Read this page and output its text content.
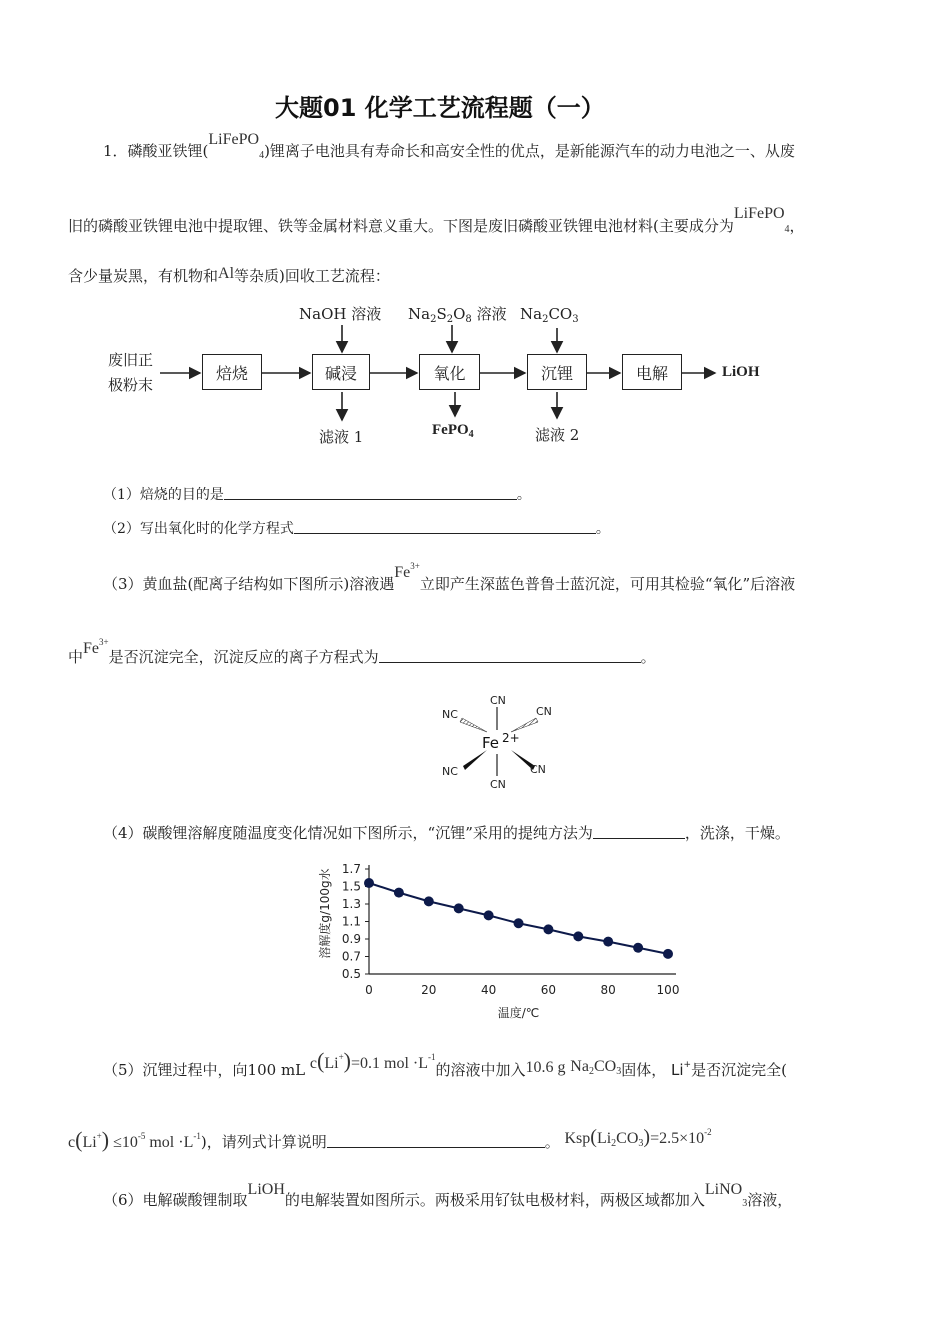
大题01 化学工艺流程题（一）
1．磷酸亚铁锂(LiFePO$_4$)锂离子电池具有寿命长和高安全性的优点，是新能源汽车的动力电池之一、从废
旧的磷酸亚铁锂电池中提取锂、铁等金属材料意义重大。下图是废旧磷酸亚铁锂电池材料(主要成分为LiFePO$_4$，
含少量炭黑，有机物和Al等杂质)回收工艺流程：
废旧正
极粉末
焙烧	碱浸	氧化	沉锂	电解	LiOH
NaOH 溶液 $Na_2S_2O_8$ 溶液 $Na_2CO_3$
滤液 1	FePO$_4$	滤液 2
（1）焙烧的目的是	。
（2）写出氧化时的化学方程式	。
（3）黄血盐(配离子结构如下图所示)溶液遇$Fe^{3+}$立即产生深蓝色普鲁士蓝沉淀，可用其检验“氧化”后溶液
中$Fe^{3+}$是否沉淀完全，沉淀反应的离子方程式为	。
CN
CN
NC	CN
NC	CN
Fe 2+
（4）碳酸锂溶解度随温度变化情况如下图所示，“沉锂”采用的提纯方法为	，洗涤，干燥。
0.5
0.7
0.9
1.1
1.3
1.5
1.7
0	20	40	60	80	100
温度/℃
溶解度g/100g水
（5）沉锂过程中，向100 mL c(Li+)=0.1 mol $\cdot L^{-1}$的溶液中加入10.6 g $Na_2CO_3$固体， Li+是否沉淀完全(
$c(Li^+) \le 10^{-5}$ mol $\cdot L^{-1}$)，请列式计算说明	。 $Ksp(Li_2CO_3)=2.5\times 10^{-2}$
（6）电解碳酸锂制取LiOH的电解装置如图所示。两极采用钌钛电极材料，两极区域都加入LiNO$_3$溶液，
